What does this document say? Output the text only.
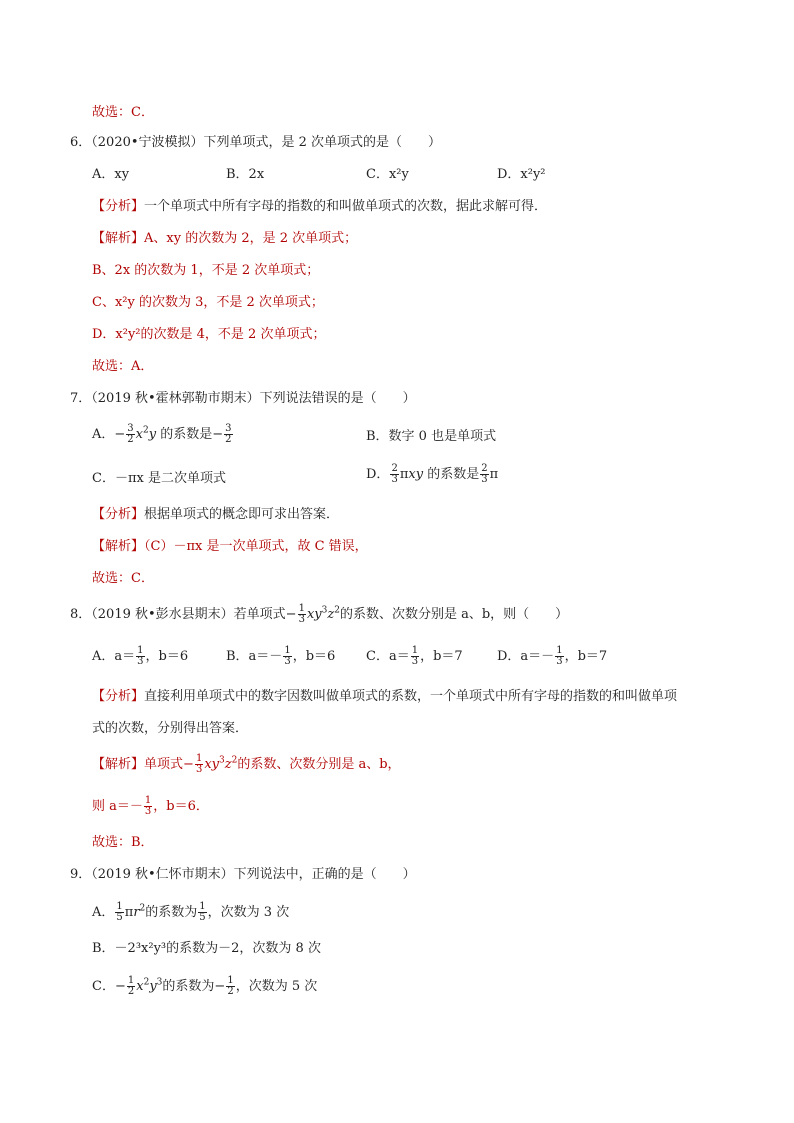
故选：C．
6．（2020•宁波模拟）下列单项式，是 2 次单项式的是（　　）
A．xy	B．2x	C．x²y	D．x²y²
【分析】一个单项式中所有字母的指数的和叫做单项式的次数，据此求解可得．
【解析】A、xy 的次数为 2，是 2 次单项式；
B、2x 的次数为 1，不是 2 次单项式；
C、x²y 的次数为 3，不是 2 次单项式；
D．x²y²的次数是 4，不是 2 次单项式；
故选：A．
7．（2019 秋•霍林郭勒市期末）下列说法错误的是（　　）
A．− $\frac{3}{2} x^2y$ 的系数是− $\frac{3}{2}$	B．数字 0 也是单项式
C．－πx 是二次单项式	D． $\frac{2}{3}$ πxy 的系数是 $\frac{2}{3}$ π
【分析】根据单项式的概念即可求出答案．
【解析】（C）－πx 是一次单项式，故 C 错误，
故选：C．
8．（2019 秋•彭水县期末）若单项式− $\frac{1}{3} xy^3z^2$的系数、次数分别是 a、b，则（　　）
A．$a= \frac{1}{3}$ ，b＝6	B．$a=- \frac{1}{3}$ ，b＝6 C．$a= \frac{1}{3}$ ，b＝7	D．$a=- \frac{1}{3}$ ，b＝7
【分析】直接利用单项式中的数字因数叫做单项式的系数，一个单项式中所有字母的指数的和叫做单项
式的次数，分别得出答案．
【解析】单项式− $\frac{1}{3} xy^3z^2$的系数、次数分别是 a、b，
则 $a=- \frac{1}{3}$ ，b＝6．
故选：B．
9．（2019 秋•仁怀市期末）下列说法中，正确的是（　　）
A． $\frac{1}{5} \pi r^2$的系数为 $\frac{1}{5}$ ，次数为 3 次
B．－2³x²y³的系数为－2，次数为 8 次
C．− $\frac{1}{2} x^2y^3$的系数为− $\frac{1}{2}$ ，次数为 5 次
